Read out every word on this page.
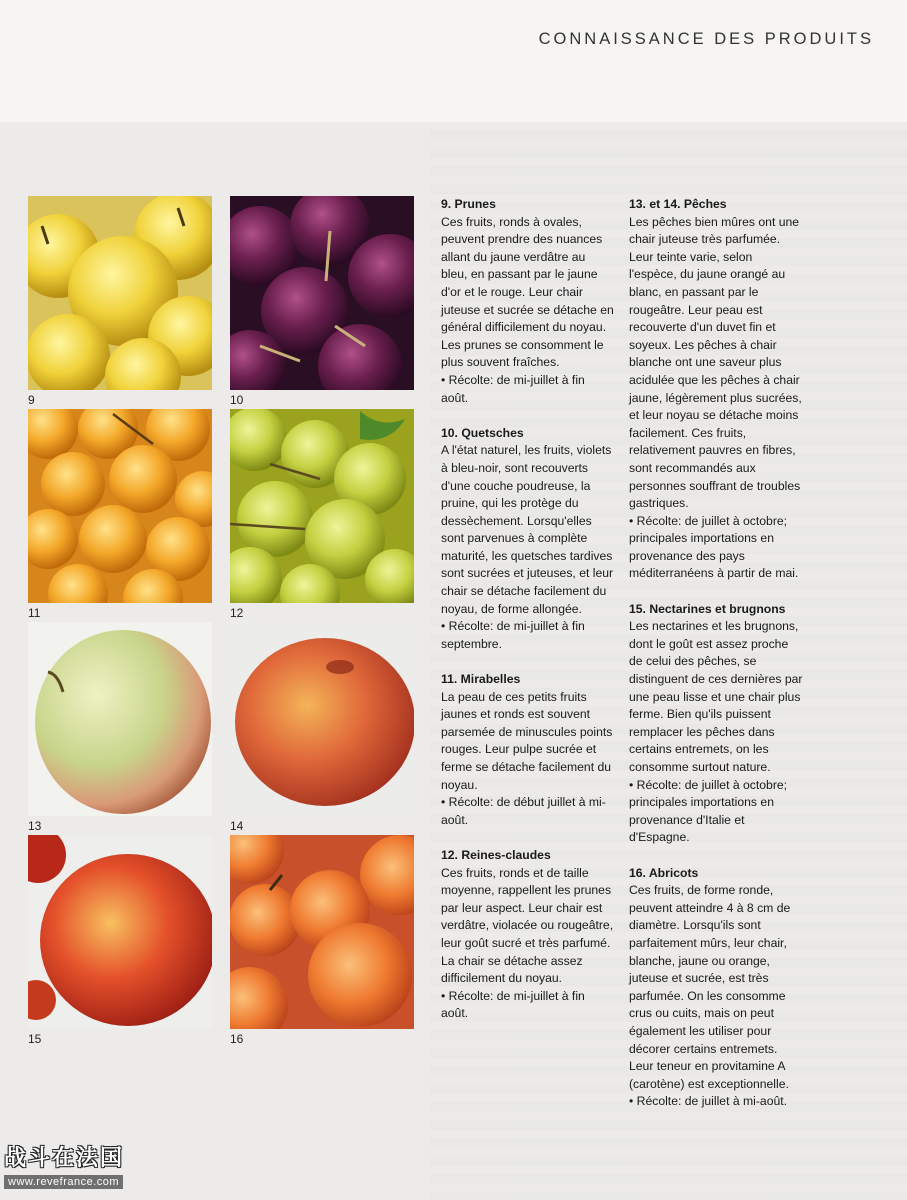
CONNAISSANCE DES PRODUITS
9	10
11	12
13	14
15	16
9. Prunes

Ces fruits, ronds à ovales, peuvent prendre des nuances allant du jaune verdâtre au bleu, en passant par le jaune d'or et le rouge. Leur chair juteuse et sucrée se détache en général difficilement du noyau. Les prunes se consomment le plus souvent fraîches.

• Récolte: de mi-juillet à fin août.

10. Quetsches

A l'état naturel, les fruits, violets à bleu-noir, sont recouverts d'une couche poudreuse, la pruine, qui les protège du dessèchement. Lorsqu'elles sont parvenues à complète maturité, les quetsches tardives sont sucrées et juteuses, et leur chair se détache facilement du noyau, de forme allongée.

• Récolte: de mi-juillet à fin septembre.

11. Mirabelles

La peau de ces petits fruits jaunes et ronds est souvent parsemée de minuscules points rouges. Leur pulpe sucrée et ferme se détache facilement du noyau.

• Récolte: de début juillet à mi-août.

12. Reines-claudes

Ces fruits, ronds et de taille moyenne, rappellent les prunes par leur aspect. Leur chair est verdâtre, violacée ou rougeâtre, leur goût sucré et très parfumé. La chair se détache assez difficilement du noyau.

• Récolte: de mi-juillet à fin août.

13. et 14. Pêches

Les pêches bien mûres ont une chair juteuse très parfumée. Leur teinte varie, selon l'espèce, du jaune orangé au blanc, en passant par le rougeâtre. Leur peau est recouverte d'un duvet fin et soyeux. Les pêches à chair blanche ont une saveur plus acidulée que les pêches à chair jaune, légèrement plus sucrées, et leur noyau se détache moins facilement. Ces fruits, relativement pauvres en fibres, sont recommandés aux personnes souffrant de troubles gastriques.

• Récolte: de juillet à octobre; principales importations en provenance des pays méditerranéens à partir de mai.

15. Nectarines et brugnons

Les nectarines et les brugnons, dont le goût est assez proche de celui des pêches, se distinguent de ces dernières par une peau lisse et une chair plus ferme. Bien qu'ils puissent remplacer les pêches dans certains entremets, on les consomme surtout nature.

• Récolte: de juillet à octobre; principales importations en provenance d'Italie et d'Espagne.

16. Abricots

Ces fruits, de forme ronde, peuvent atteindre 4 à 8 cm de diamètre. Lorsqu'ils sont parfaitement mûrs, leur chair, blanche, jaune ou orange, juteuse et sucrée, est très parfumée. On les consomme crus ou cuits, mais on peut également les utiliser pour décorer certains entremets. Leur teneur en provitamine A (carotène) est exceptionnelle.

• Récolte: de juillet à mi-août.

战斗在法国
www.revefrance.com
